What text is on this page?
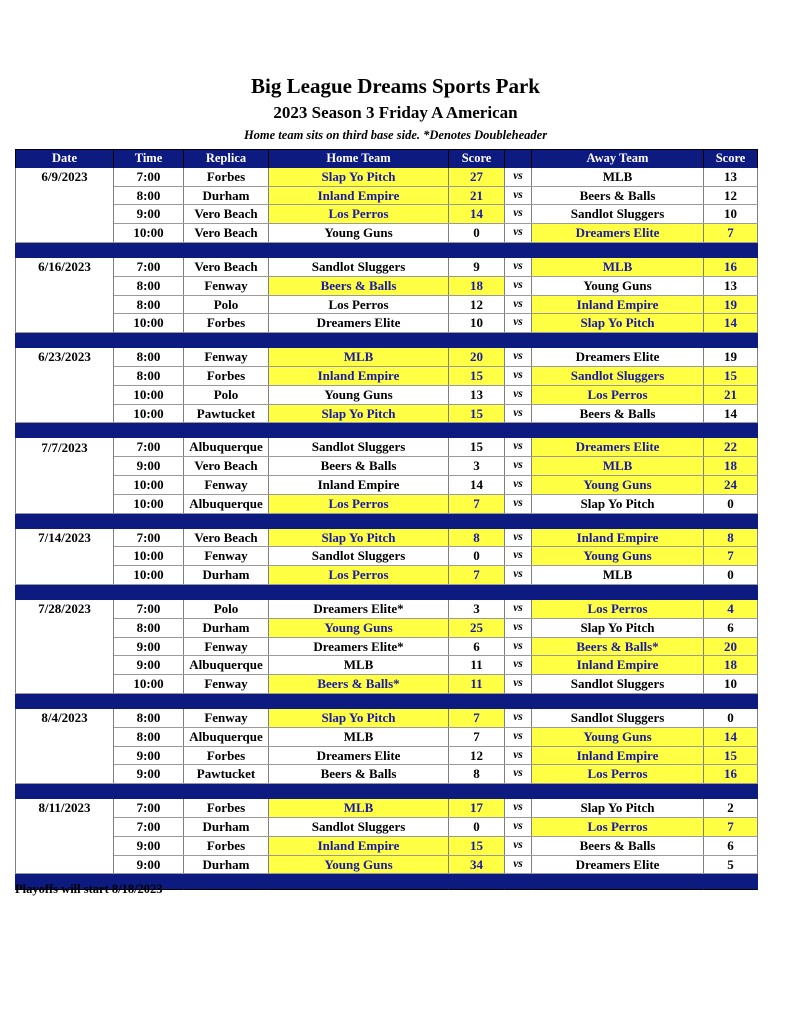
Big League Dreams Sports Park
2023 Season 3 Friday A American
Home team sits on third base side. *Denotes Doubleheader
Date	Time	Replica	Home Team	Score		Away Team	Score
6/9/2023	7:00	Forbes	Slap Yo Pitch	27	vs	MLB	13
	8:00	Durham	Inland Empire	21	vs	Beers & Balls	12
	9:00	Vero Beach	Los Perros	14	vs	Sandlot Sluggers	10
	10:00	Vero Beach	Young Guns	0	vs	Dreamers Elite	7

6/16/2023	7:00	Vero Beach	Sandlot Sluggers	9	vs	MLB	16
	8:00	Fenway	Beers & Balls	18	vs	Young Guns	13
	8:00	Polo	Los Perros	12	vs	Inland Empire	19
	10:00	Forbes	Dreamers Elite	10	vs	Slap Yo Pitch	14

6/23/2023	8:00	Fenway	MLB	20	vs	Dreamers Elite	19
	8:00	Forbes	Inland Empire	15	vs	Sandlot Sluggers	15
	10:00	Polo	Young Guns	13	vs	Los Perros	21
	10:00	Pawtucket	Slap Yo Pitch	15	vs	Beers & Balls	14

7/7/2023	7:00	Albuquerque	Sandlot Sluggers	15	vs	Dreamers Elite	22
	9:00	Vero Beach	Beers & Balls	3	vs	MLB	18
	10:00	Fenway	Inland Empire	14	vs	Young Guns	24
	10:00	Albuquerque	Los Perros	7	vs	Slap Yo Pitch	0

7/14/2023	7:00	Vero Beach	Slap Yo Pitch	8	vs	Inland Empire	8
	10:00	Fenway	Sandlot Sluggers	0	vs	Young Guns	7
	10:00	Durham	Los Perros	7	vs	MLB	0

7/28/2023	7:00	Polo	Dreamers Elite*	3	vs	Los Perros	4
	8:00	Durham	Young Guns	25	vs	Slap Yo Pitch	6
	9:00	Fenway	Dreamers Elite*	6	vs	Beers & Balls*	20
	9:00	Albuquerque	MLB	11	vs	Inland Empire	18
	10:00	Fenway	Beers & Balls*	11	vs	Sandlot Sluggers	10

8/4/2023	8:00	Fenway	Slap Yo Pitch	7	vs	Sandlot Sluggers	0
	8:00	Albuquerque	MLB	7	vs	Young Guns	14
	9:00	Forbes	Dreamers Elite	12	vs	Inland Empire	15
	9:00	Pawtucket	Beers & Balls	8	vs	Los Perros	16

8/11/2023	7:00	Forbes	MLB	17	vs	Slap Yo Pitch	2
	7:00	Durham	Sandlot Sluggers	0	vs	Los Perros	7
	9:00	Forbes	Inland Empire	15	vs	Beers & Balls	6
	9:00	Durham	Young Guns	34	vs	Dreamers Elite	5

Playoffs will start 8/18/2023
